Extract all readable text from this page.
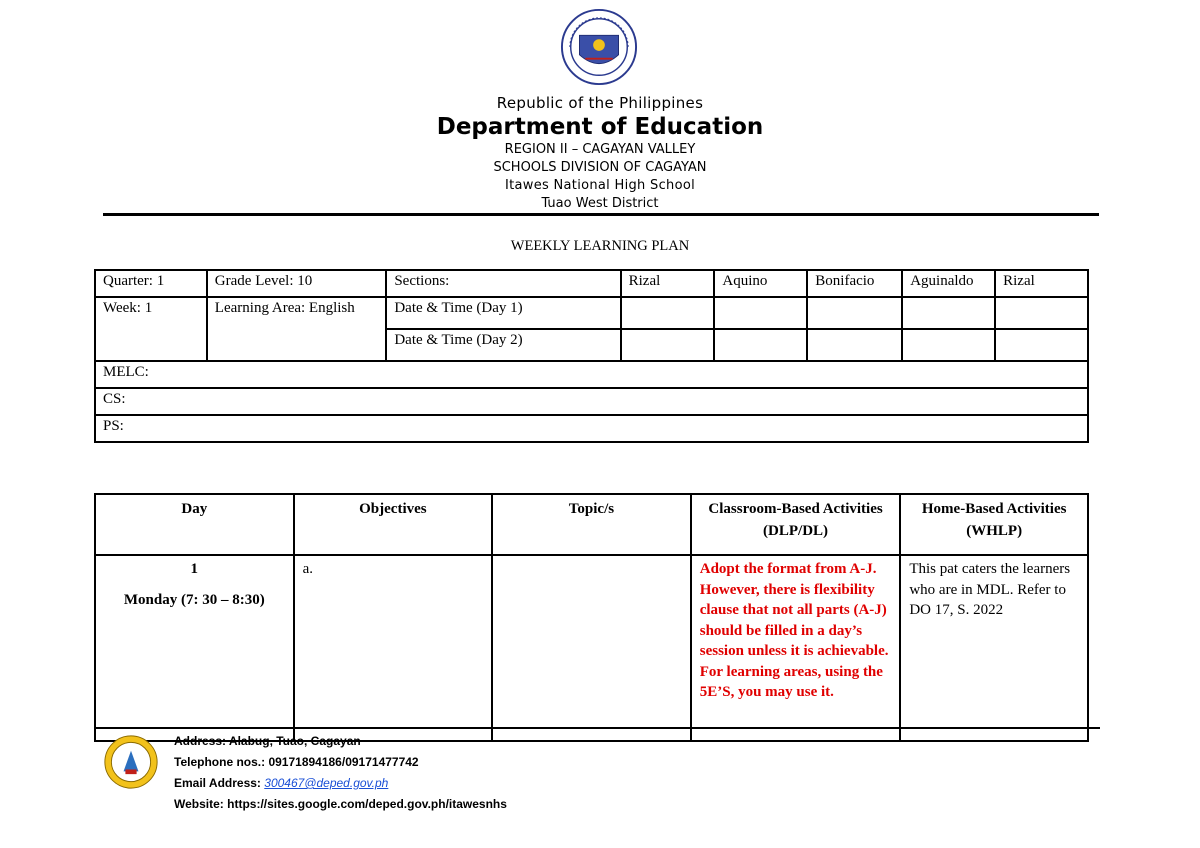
Republic of the Philippines
Department of Education
REGION II – CAGAYAN VALLEY
SCHOOLS DIVISION OF CAGAYAN
Itawes National High School
Tuao West District
WEEKLY LEARNING PLAN
Quarter: 1	Grade Level: 10	Sections:	Rizal	Aquino	Bonifacio	Aguinaldo	Rizal
Week: 1	Learning Area: English	Date & Time (Day 1)					
		Date & Time (Day 2)					
MELC:							
CS:							
PS:							
Day	Objectives	Topic/s	Classroom-Based Activities (DLP/DL)	Home-Based Activities (WHLP)

1
Monday (7: 30 – 8:30)	a.		Adopt the format from A-J. However, there is flexibility clause that not all parts (A-J) should be filled in a day’s session unless it is achievable. For learning areas, using the 5E’S, you may use it.	This pat caters the learners who are in MDL. Refer to DO 17, S. 2022
Address: Alabug, Tuao, Cagayan
Telephone nos.: 09171894186/09171477742
Email Address: 300467@deped.gov.ph
Website: https://sites.google.com/deped.gov.ph/itawesnhs
